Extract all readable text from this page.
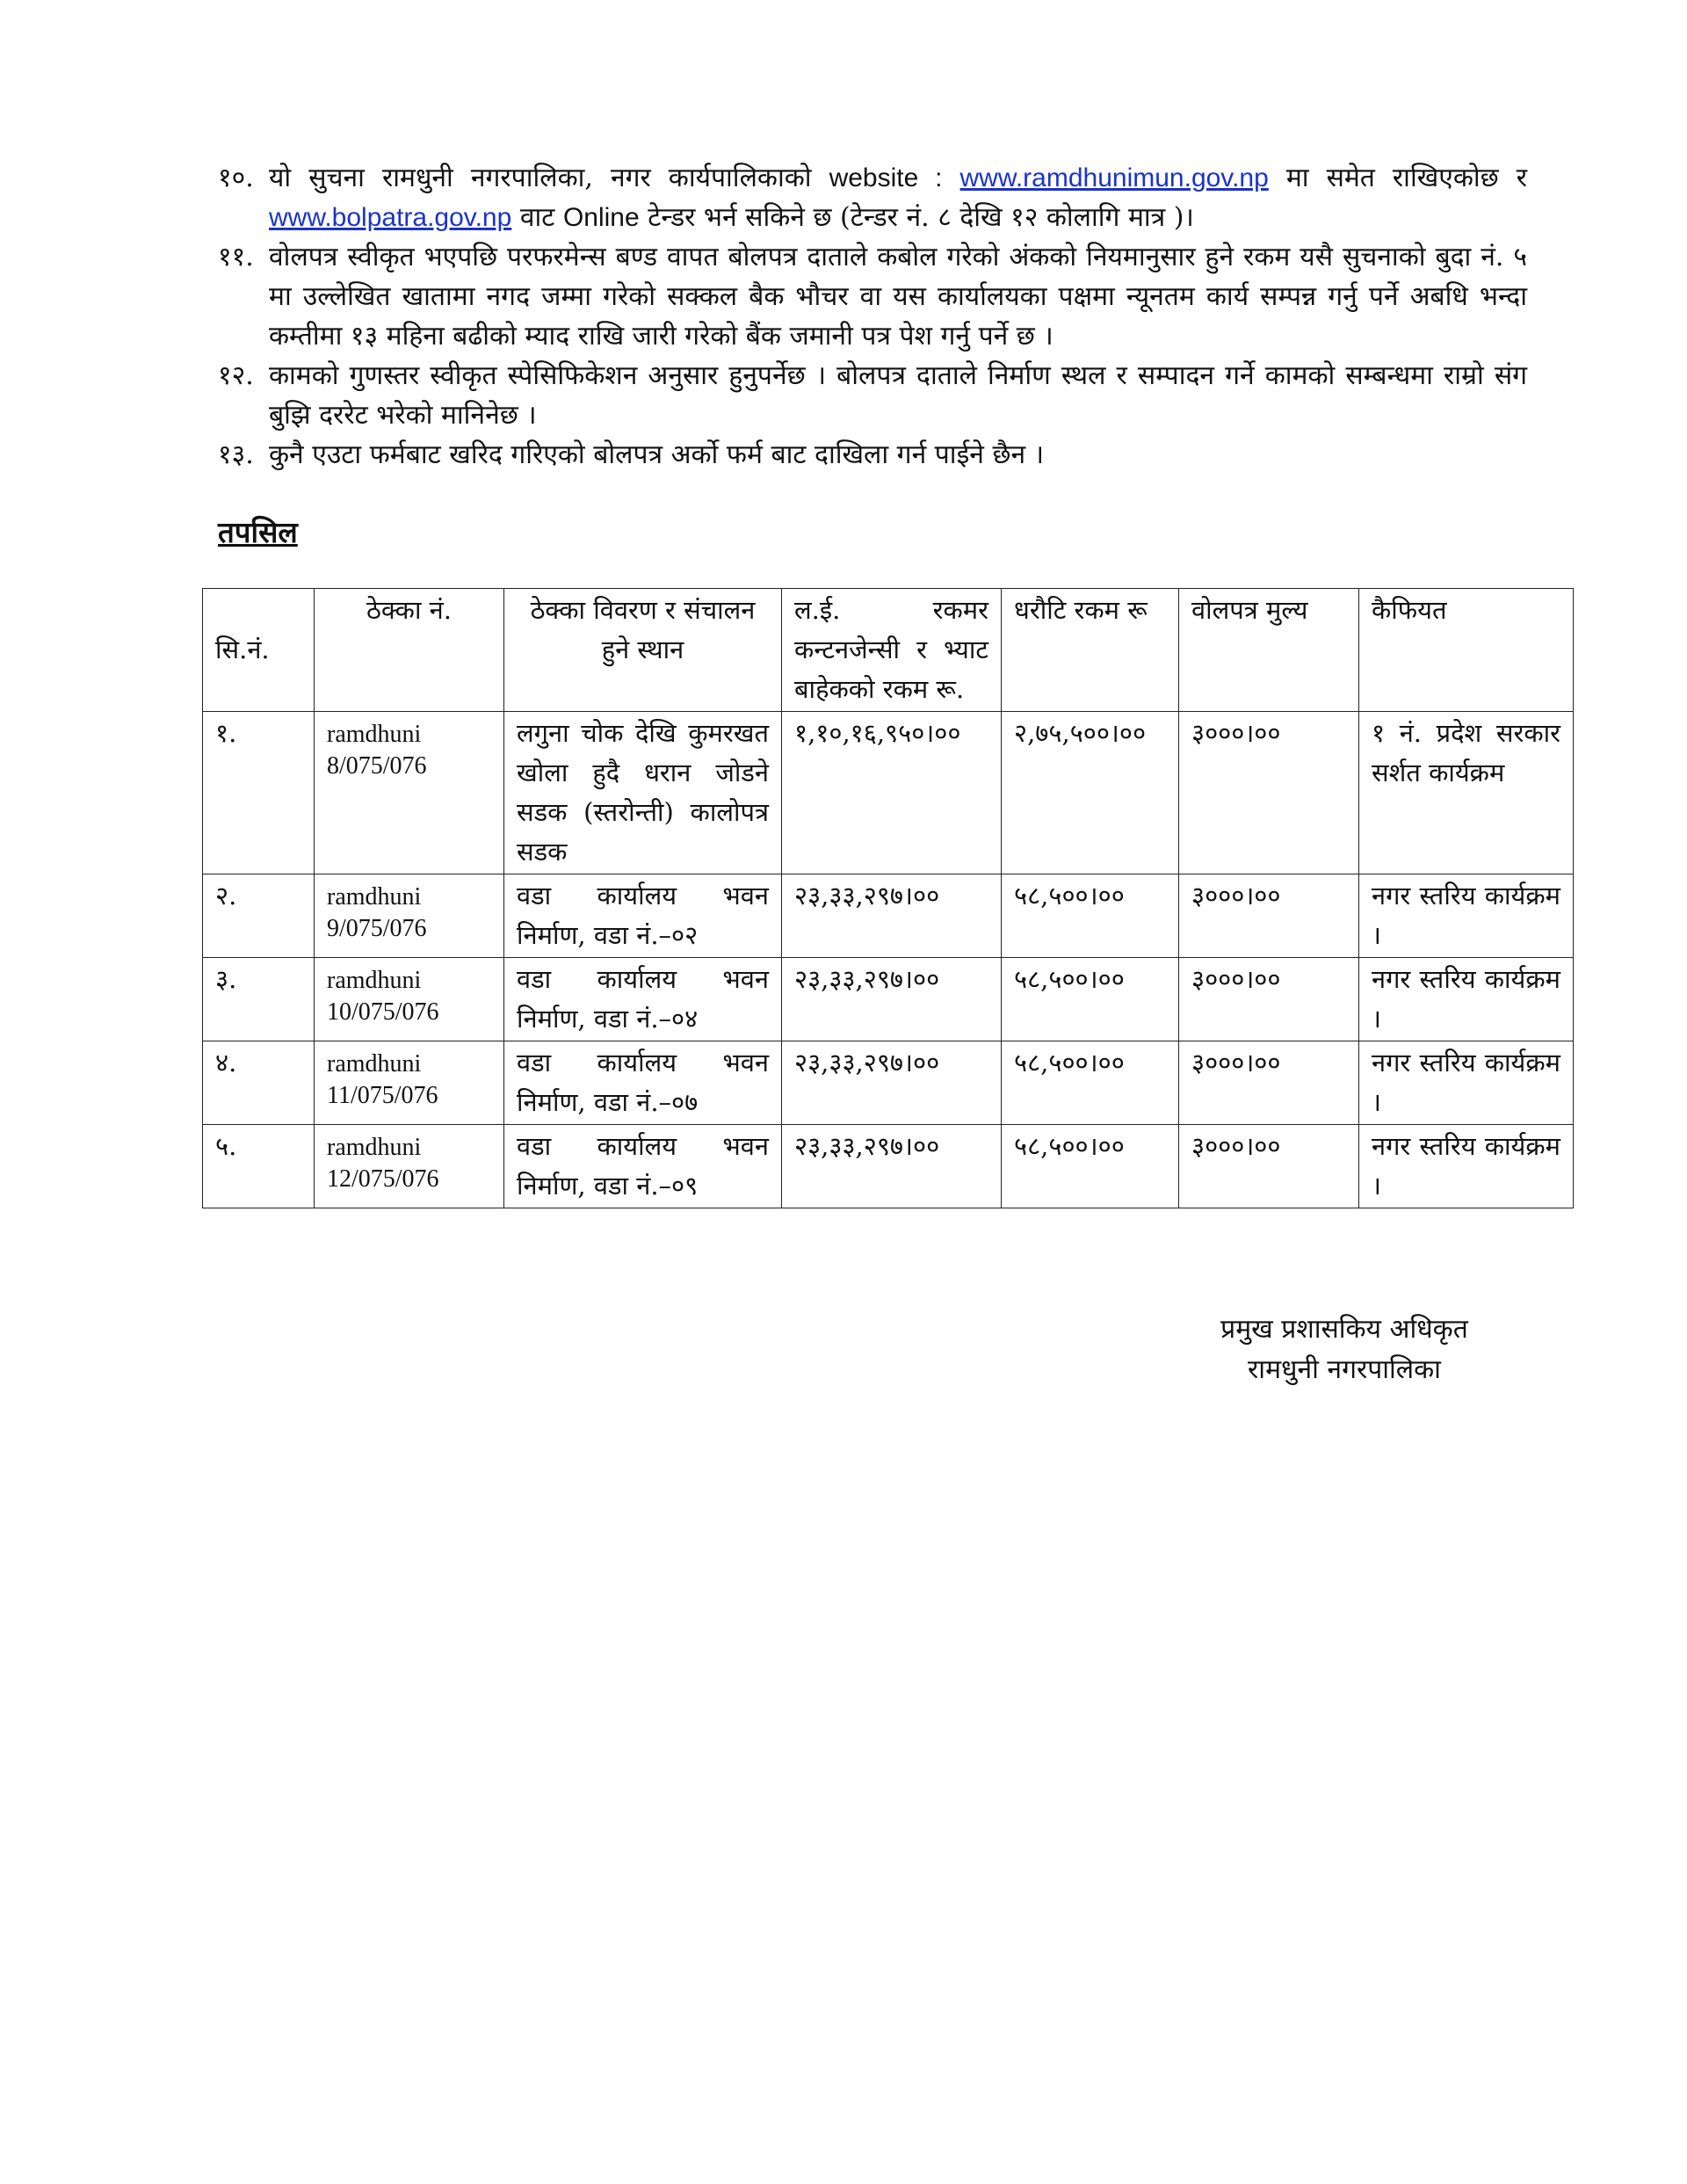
१०. यो सुचना रामधुनी नगरपालिका, नगर कार्यपालिकाको website : www.ramdhunimun.gov.np मा समेत राखिएकोछ र www.bolpatra.gov.np वाट Online टेन्डर भर्न सकिने छ (टेन्डर नं. ८ देखि १२ कोलागि मात्र )।
११. वोलपत्र स्वीकृत भएपछि परफरमेन्स बण्ड वापत बोलपत्र दाताले कबोल गरेको अंकको नियमानुसार हुने रकम यसै सुचनाको बुदा नं. ५ मा उल्लेखित खातामा नगद जम्मा गरेको सक्कल बैक भौचर वा यस कार्यालयका पक्षमा न्यूनतम कार्य सम्पन्न गर्नु पर्ने अबधि भन्दा कम्तीमा १३ महिना बढीको म्याद राखि जारी गरेको बैंक जमानी पत्र पेश गर्नु पर्ने छ ।
१२. कामको गुणस्तर स्वीकृत स्पेसिफिकेशन अनुसार हुनुपर्नेछ । बोलपत्र दाताले निर्माण स्थल र सम्पादन गर्ने कामको सम्बन्धमा राम्रो संग बुझि दररेट भरेको मानिनेछ ।
१३. कुनै एउटा फर्मबाट खरिद गरिएको बोलपत्र अर्को फर्म बाट दाखिला गर्न पाईने छैन ।
तपसिल
सि.नं.	ठेक्का नं.	ठेक्का विवरण र संचालन हुने स्थान	ल.ई. रकमर कन्टनजेन्सी र भ्याट बाहेकको रकम रू.	धरौटि रकम रू	वोलपत्र मुल्य	कैफियत
१.	ramdhuni 8/075/076	लगुना चोक देखि कुमरखत खोला हुदै धरान जोडने सडक (स्तरोन्ती) कालोपत्र सडक	१,१०,१६,९५०।००	२,७५,५००।००	३०००।००	१ नं. प्रदेश सरकार सर्शत कार्यक्रम
२.	ramdhuni 9/075/076	वडा कार्यालय भवन निर्माण, वडा नं.–०२	२३,३३,२९७।००	५८,५००।००	३०००।००	नगर स्तरिय कार्यक्रम ।
३.	ramdhuni 10/075/076	वडा कार्यालय भवन निर्माण, वडा नं.–०४	२३,३३,२९७।००	५८,५००।००	३०००।००	नगर स्तरिय कार्यक्रम ।
४.	ramdhuni 11/075/076	वडा कार्यालय भवन निर्माण, वडा नं.–०७	२३,३३,२९७।००	५८,५००।००	३०००।००	नगर स्तरिय कार्यक्रम ।
५.	ramdhuni 12/075/076	वडा कार्यालय भवन निर्माण, वडा नं.–०९	२३,३३,२९७।००	५८,५००।००	३०००।००	नगर स्तरिय कार्यक्रम ।
प्रमुख प्रशासकिय अधिकृत
रामधुनी नगरपालिका
